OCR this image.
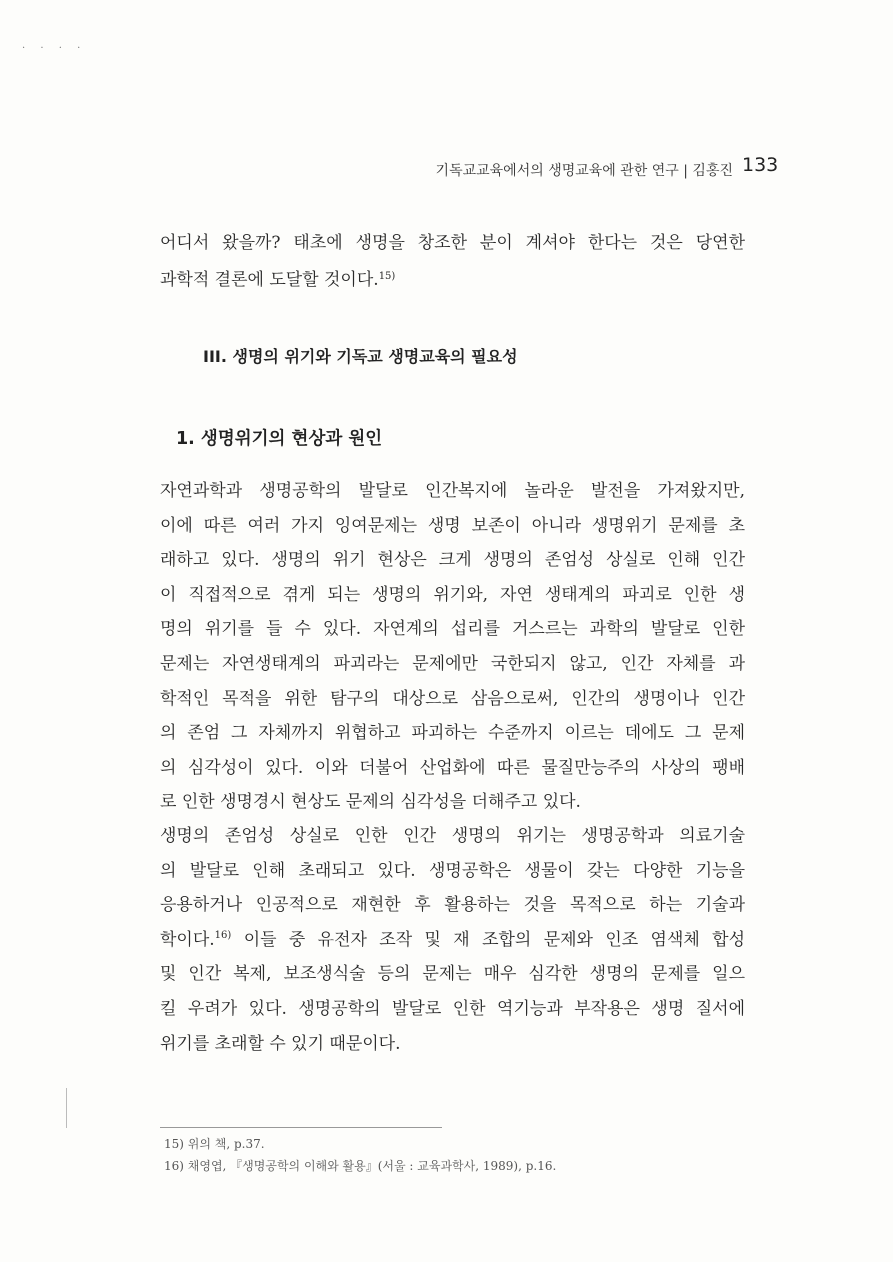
. . . .
기독교교육에서의 생명교육에 관한 연구 | 김홍진 133
어디서 왔을까? 태초에 생명을 창조한 분이 계셔야 한다는 것은 당연한
과학적 결론에 도달할 것이다.$^{15)}$
III. 생명의 위기와 기독교 생명교육의 필요성
1. 생명위기의 현상과 원인
자연과학과 생명공학의 발달로 인간복지에 놀라운 발전을 가져왔지만,
이에 따른 여러 가지 잉여문제는 생명 보존이 아니라 생명위기 문제를 초
래하고 있다. 생명의 위기 현상은 크게 생명의 존엄성 상실로 인해 인간
이 직접적으로 겪게 되는 생명의 위기와, 자연 생태계의 파괴로 인한 생
명의 위기를 들 수 있다. 자연계의 섭리를 거스르는 과학의 발달로 인한
문제는 자연생태계의 파괴라는 문제에만 국한되지 않고, 인간 자체를 과
학적인 목적을 위한 탐구의 대상으로 삼음으로써, 인간의 생명이나 인간
의 존엄 그 자체까지 위협하고 파괴하는 수준까지 이르는 데에도 그 문제
의 심각성이 있다. 이와 더불어 산업화에 따른 물질만능주의 사상의 팽배
로 인한 생명경시 현상도 문제의 심각성을 더해주고 있다.
생명의 존엄성 상실로 인한 인간 생명의 위기는 생명공학과 의료기술
의 발달로 인해 초래되고 있다. 생명공학은 생물이 갖는 다양한 기능을
응용하거나 인공적으로 재현한 후 활용하는 것을 목적으로 하는 기술과
학이다.$^{16)}$ 이들 중 유전자 조작 및 재 조합의 문제와 인조 염색체 합성
및 인간 복제, 보조생식술 등의 문제는 매우 심각한 생명의 문제를 일으
킬 우려가 있다. 생명공학의 발달로 인한 역기능과 부작용은 생명 질서에
위기를 초래할 수 있기 때문이다.
15) 위의 책, p.37.
16) 채영엽, 『생명공학의 이해와 활용』(서울 : 교육과학사, 1989), p.16.
